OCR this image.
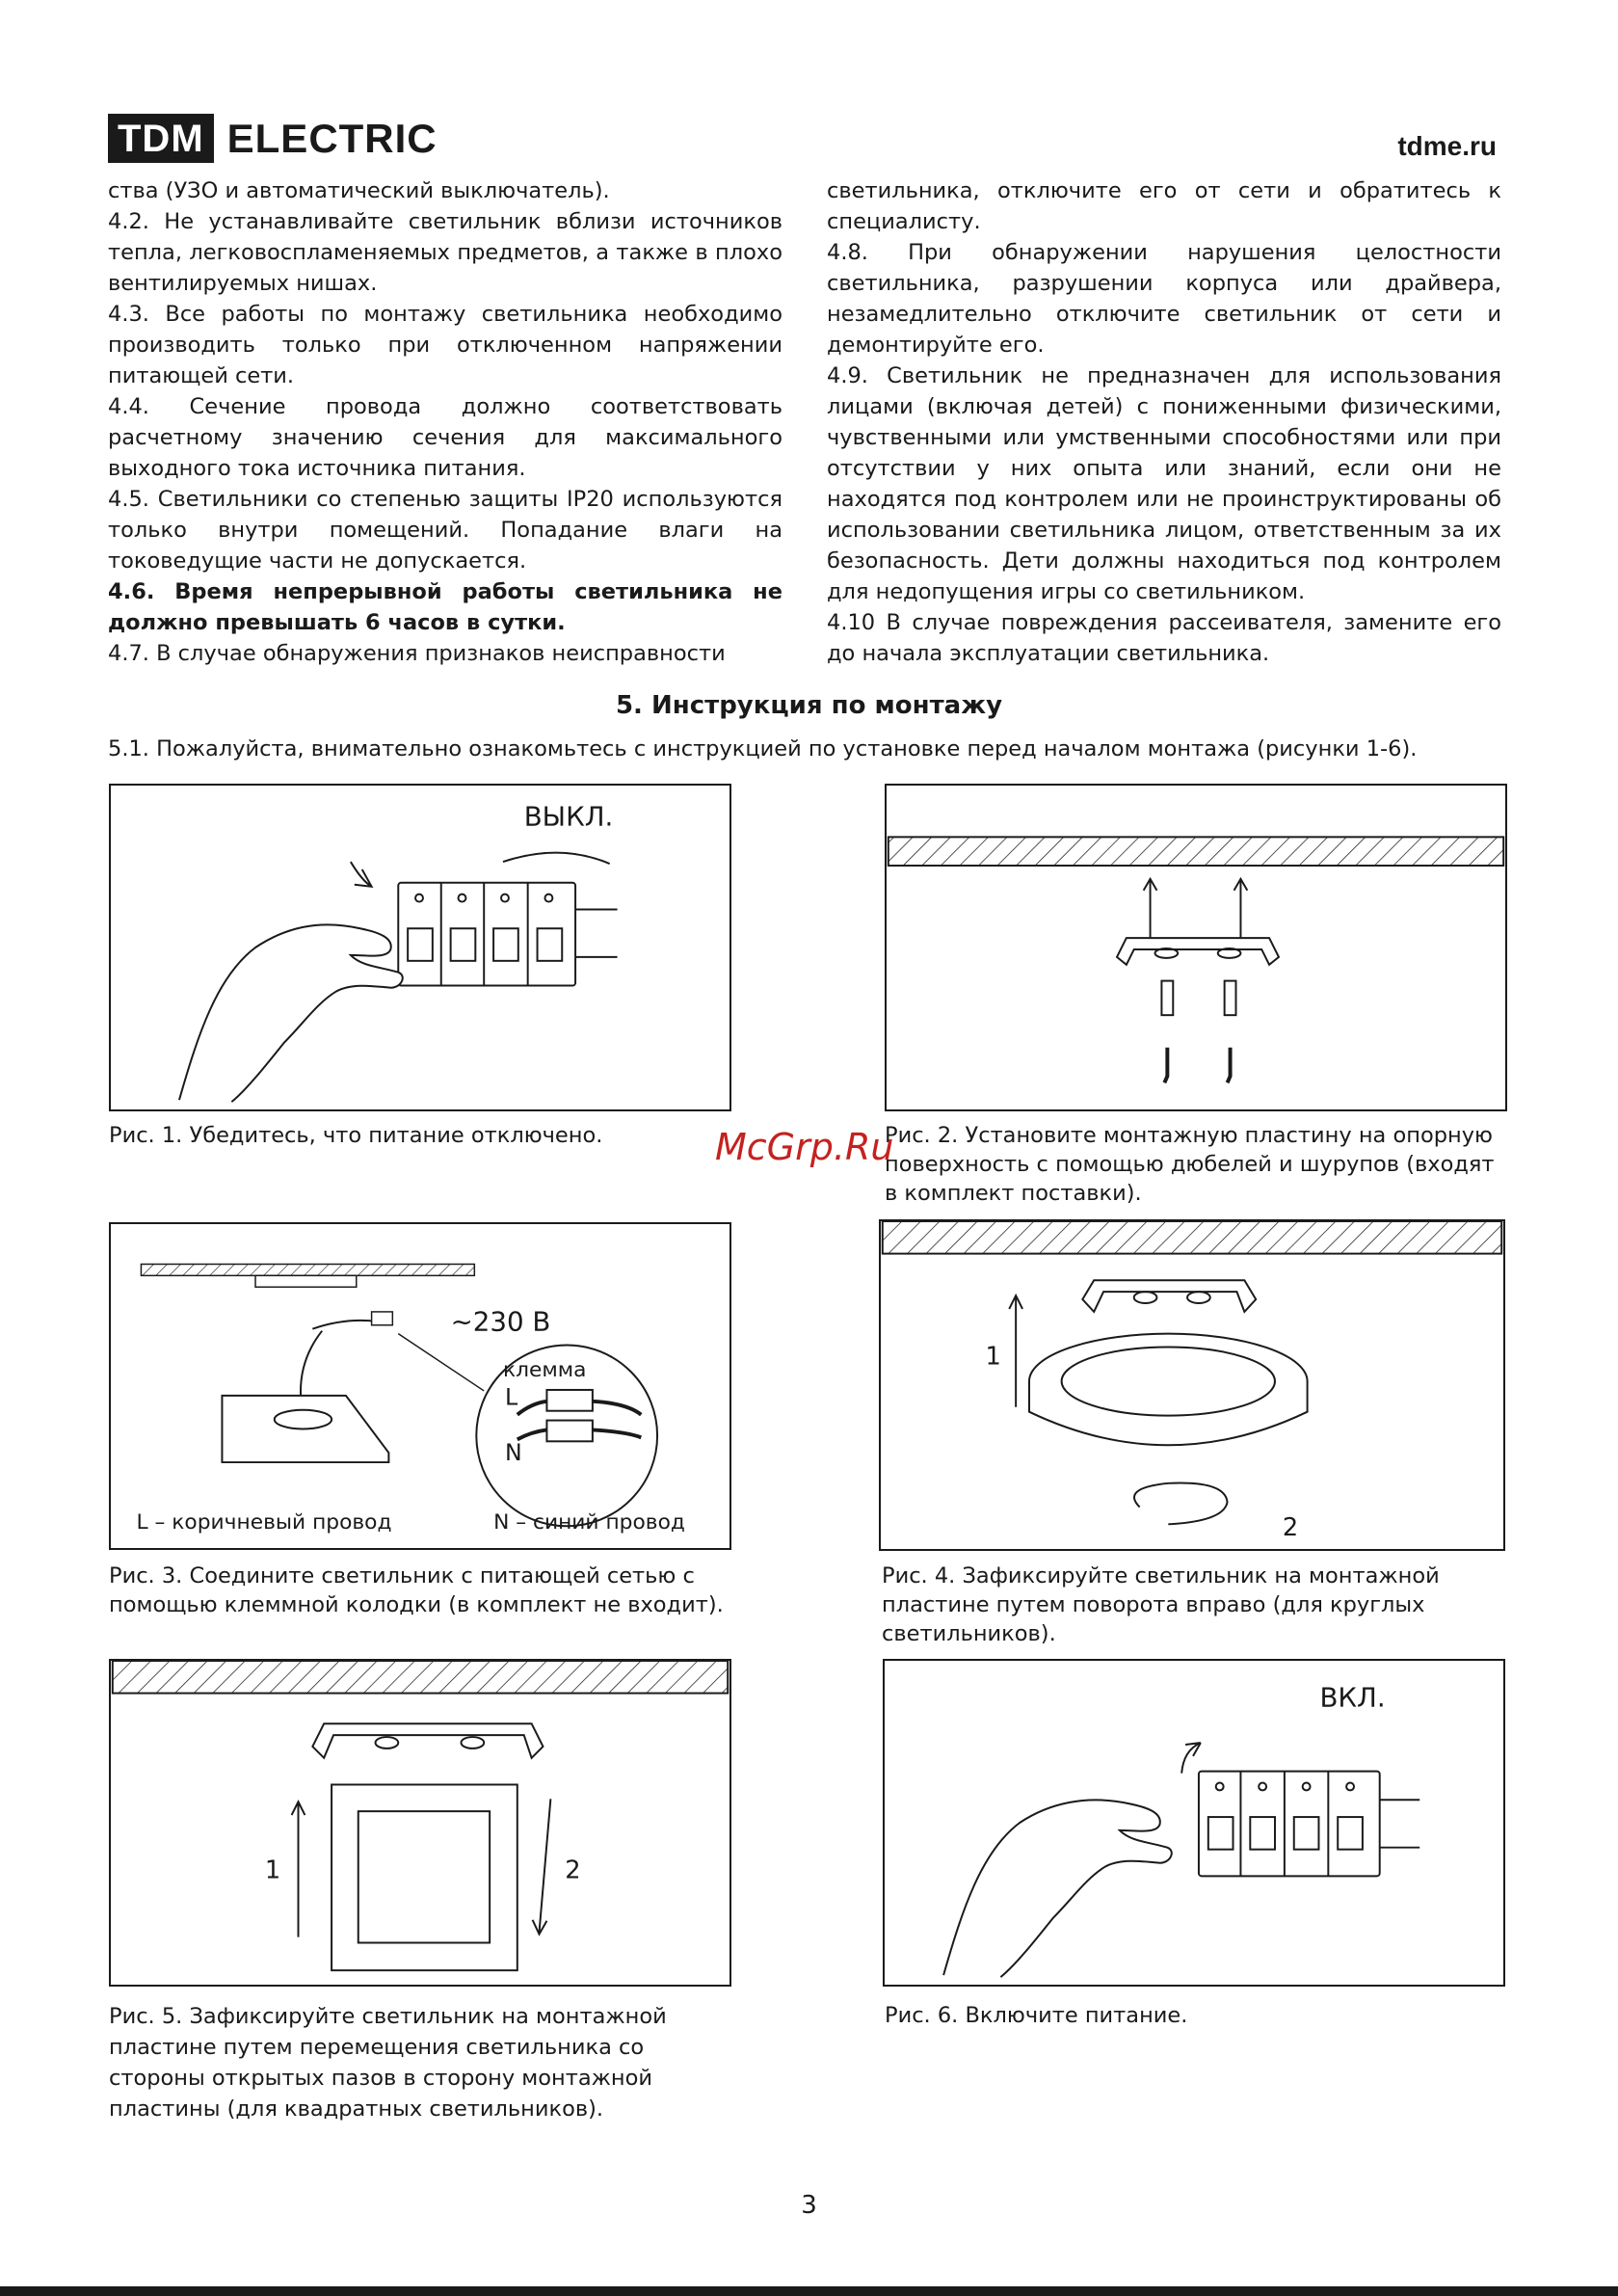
TDM ELECTRIC	tdme.ru

ства (УЗО и автоматический выключатель).

4.2. Не устанавливайте светильник вблизи источников тепла, легковоспламеняемых предметов, а также в плохо вентилируемых нишах.

4.3. Все работы по монтажу светильника необходимо производить только при отключенном напряжении питающей сети.

4.4. Сечение провода должно соответствовать расчетному значению сечения для максимального выходного тока источника питания.

4.5. Светильники со степенью защиты IP20 используются только внутри помещений. Попадание влаги на токоведущие части не допускается.

4.6. Время непрерывной работы светильника не должно превышать 6 часов в сутки.

4.7. В случае обнаружения признаков неисправности

светильника, отключите его от сети и обратитесь к специалисту.

4.8. При обнаружении нарушения целостности светильника, разрушении корпуса или драйвера, незамедлительно отключите светильник от сети и демонтируйте его.

4.9. Светильник не предназначен для использования лицами (включая детей) с пониженными физическими, чувственными или умственными способностями или при отсутствии у них опыта или знаний, если они не находятся под контролем или не проинструктированы об использовании светильника лицом, ответственным за их безопасность. Дети должны находиться под контролем для недопущения игры со светильником.

4.10 В случае повреждения рассеивателя, замените его до начала эксплуатации светильника.

5. Инструкция по монтажу
5.1. Пожалуйста, внимательно ознакомьтесь с инструкцией по установке перед началом монтажа (рисунки 1-6).
ВЫКЛ.
Рис. 1. Убедитесь, что питание отключено.	Рис. 2. Установите монтажную пластину на опорную поверхность с помощью дюбелей и шурупов (входят в комплект поставки).
~230 В
клемма
L
N
L – коричневый провод	N – синий провод
Рис. 3. Соедините светильник с питающей сетью с помощью клеммной колодки (в комплект не входит).
1
2
Рис. 4. Зафиксируйте светильник на монтажной пластине путем поворота вправо (для круглых светильников).
1	2
Рис. 5. Зафиксируйте светильник на монтажной пластине путем перемещения светильника со стороны открытых пазов в сторону монтажной пластины (для квадратных светильников).
ВКЛ.
Рис. 6. Включите питание.
McGrp.Ru
3
